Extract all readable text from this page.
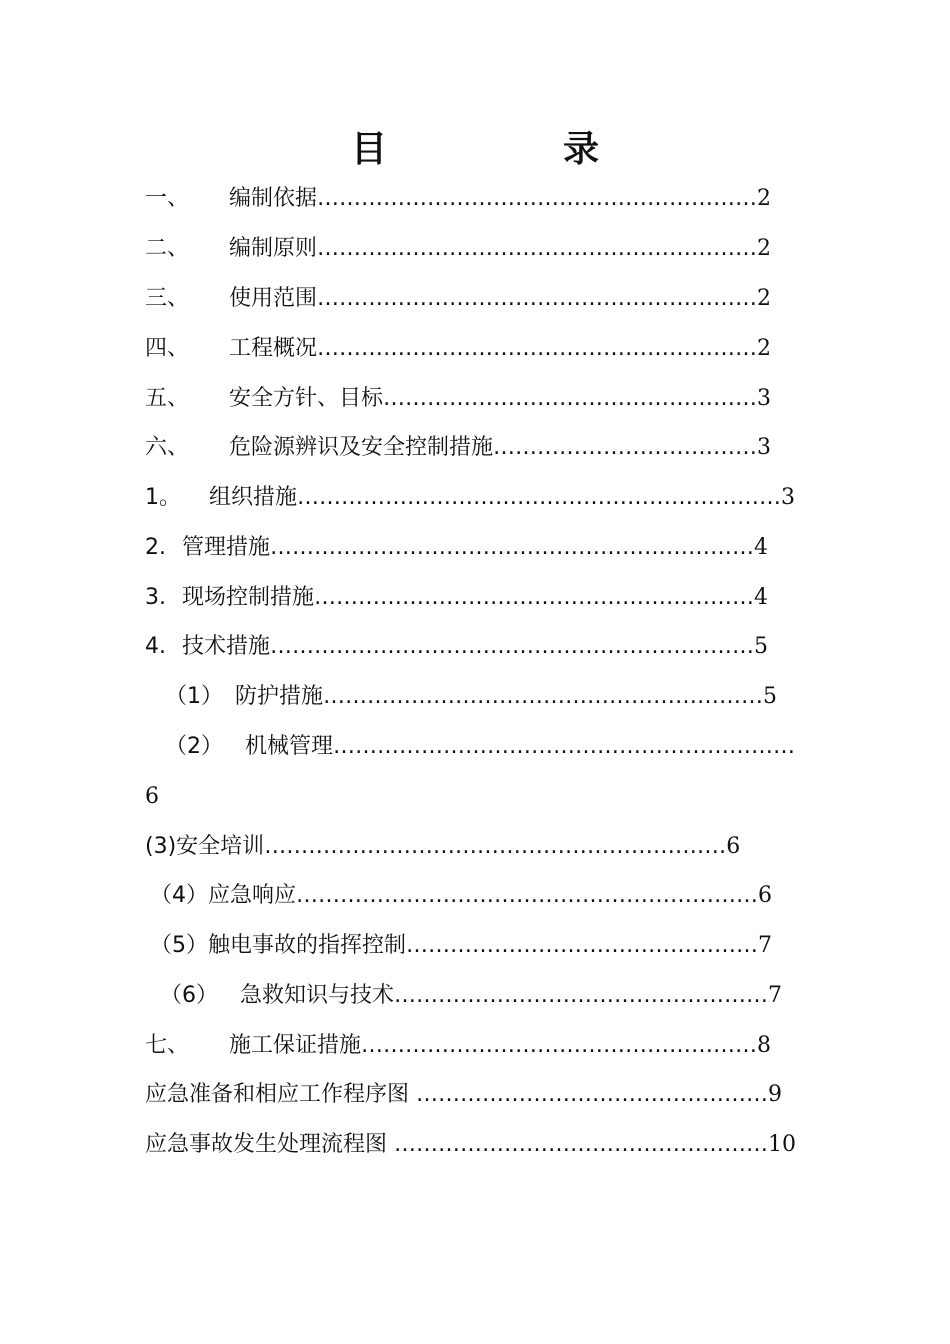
目　录
一、 编制依据……………………………………………………2
二、 编制原则……………………………………………………2
三、 使用范围……………………………………………………2
四、 工程概况……………………………………………………2
五、 安全方针、目标……………………………………………3
六、 危险源辨识及安全控制措施………………………………3
1。 组织措施…………………………………………………………3
2. 管理措施…………………………………………………………4
3. 现场控制措施……………………………………………………4
4. 技术措施…………………………………………………………5
（1） 防护措施……………………………………………………5
（2） 机械管理………………………………………………………
6
(3)安全培训………………………………………………………6
（4）应急响应………………………………………………………6
（5）触电事故的指挥控制…………………………………………7
（6） 急救知识与技术……………………………………………7
七、 施工保证措施………………………………………………8
应急准备和相应工作程序图 …………………………………………9
应急事故发生处理流程图 ……………………………………………10
